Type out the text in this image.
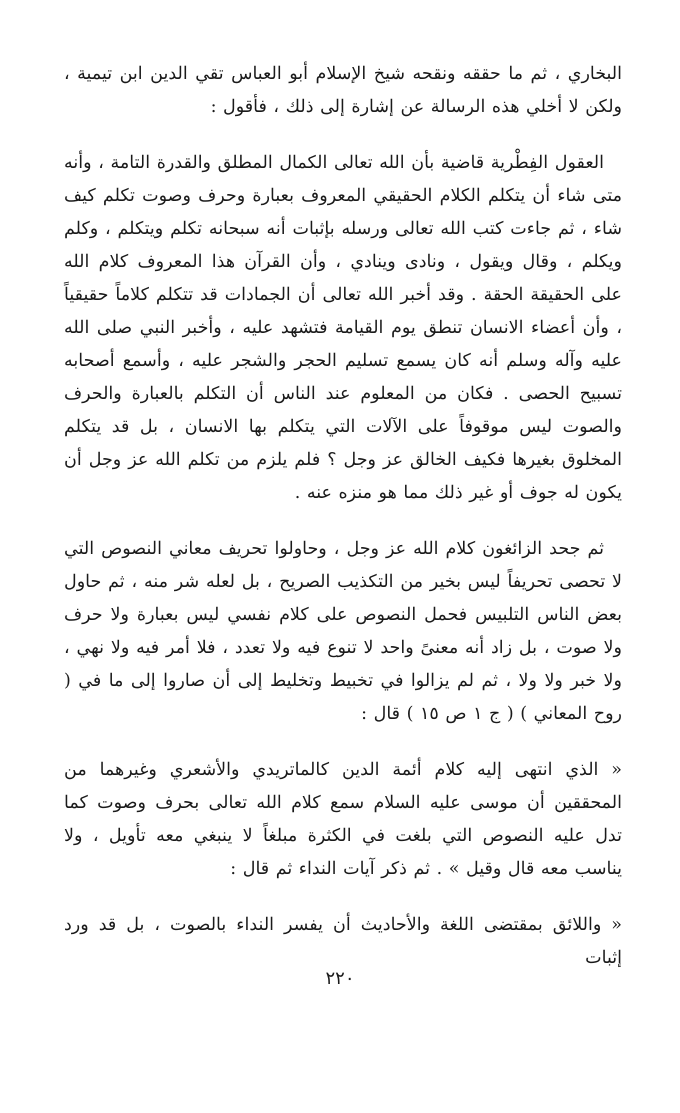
البخاري ، ثم ما حققه ونقحه شيخ الإسلام أبو العباس تقي الدين ابن تيمية ، ولكن لا أخلي هذه الرسالة عن إشارة إلى ذلك ، فأقول :

العقول الفِطْرية قاضية بأن الله تعالى الكمال المطلق والقدرة التامة ، وأنه متى شاء أن يتكلم الكلام الحقيقي المعروف بعبارة وحرف وصوت تكلم كيف شاء ، ثم جاءت كتب الله تعالى ورسله بإثبات أنه سبحانه تكلم ويتكلم ، وكلم ويكلم ، وقال ويقول ، ونادى وينادي ، وأن القرآن هذا المعروف كلام الله على الحقيقة الحقة . وقد أخبر الله تعالى أن الجمادات قد تتكلم كلاماً حقيقياً ، وأن أعضاء الانسان تنطق يوم القيامة فتشهد عليه ، وأخبر النبي صلى الله عليه وآله وسلم أنه كان يسمع تسليم الحجر والشجر عليه ، وأسمع أصحابه تسبيح الحصى . فكان من المعلوم عند الناس أن التكلم بالعبارة والحرف والصوت ليس موقوفاً على الآلات التي يتكلم بها الانسان ، بل قد يتكلم المخلوق بغيرها فكيف الخالق عز وجل ؟ فلم يلزم من تكلم الله عز وجل أن يكون له جوف أو غير ذلك مما هو منزه عنه .

ثم جحد الزائغون كلام الله عز وجل ، وحاولوا تحريف معاني النصوص التي لا تحصى تحريفاً ليس بخير من التكذيب الصريح ، بل لعله شر منه ، ثم حاول بعض الناس التلبيس فحمل النصوص على كلام نفسي ليس بعبارة ولا حرف ولا صوت ، بل زاد أنه معنىً واحد لا تنوع فيه ولا تعدد ، فلا أمر فيه ولا نهي ، ولا خبر ولا ولا ، ثم لم يزالوا في تخبيط وتخليط إلى أن صاروا إلى ما في ( روح المعاني ) ( ج ١ ص ١٥ ) قال :

« الذي انتهى إليه كلام أئمة الدين كالماتريدي والأشعري وغيرهما من المحققين أن موسى عليه السلام سمع كلام الله تعالى بحرف وصوت كما تدل عليه النصوص التي بلغت في الكثرة مبلغاً لا ينبغي معه تأويل ، ولا يناسب معه قال وقيل » . ثم ذكر آيات النداء ثم قال :

« واللائق بمقتضى اللغة والأحاديث أن يفسر النداء بالصوت ، بل قد ورد إثبات

٢٢٠
